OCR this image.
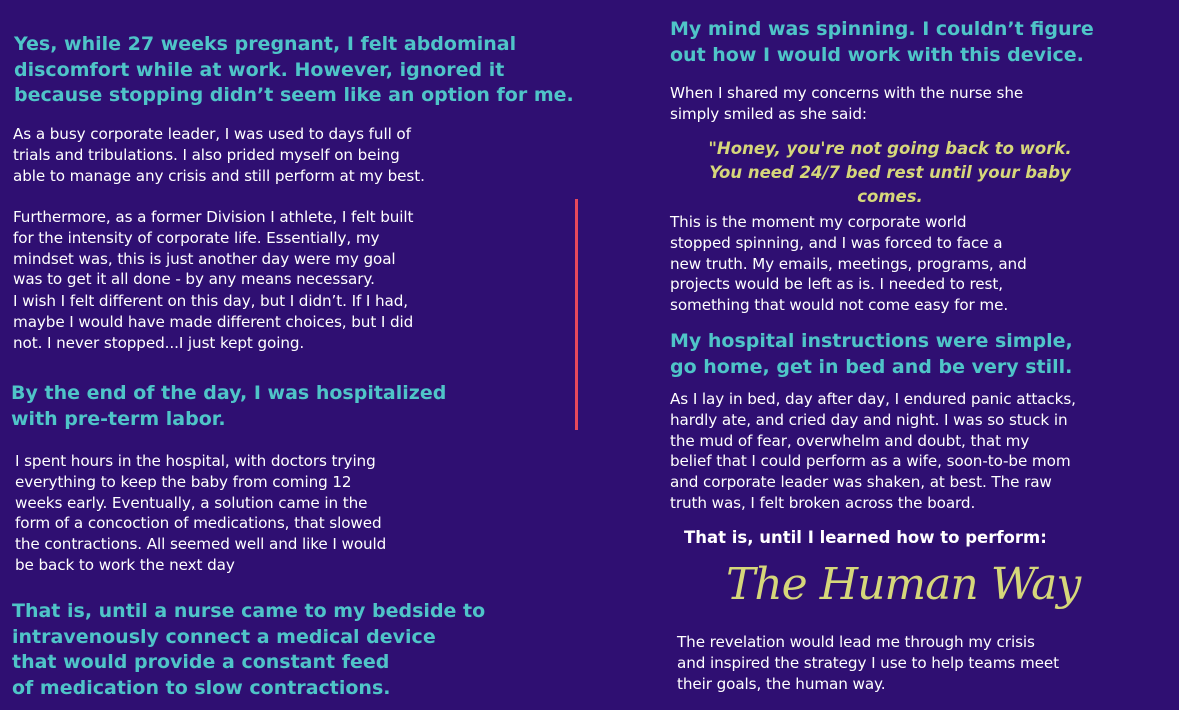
Yes, while 27 weeks pregnant, I felt abdominal
discomfort while at work. However, ignored it
because stopping didn’t seem like an option for me.

As a busy corporate leader, I was used to days full of
trials and tribulations. I also prided myself on being
able to manage any crisis and still perform at my best.

Furthermore, as a former Division I athlete, I felt built
for the intensity of corporate life. Essentially, my
mindset was, this is just another day were my goal
was to get it all done - by any means necessary.

I wish I felt different on this day, but I didn’t. If I had,
maybe I would have made different choices, but I did
not. I never stopped...I just kept going.

By the end of the day, I was hospitalized
with pre-term labor.

I spent hours in the hospital, with doctors trying
everything to keep the baby from coming 12
weeks early. Eventually, a solution came in the
form of a concoction of medications, that slowed
the contractions. All seemed well and like I would
be back to work the next day

That is, until a nurse came to my bedside to
intravenously connect a medical device
that would provide a constant feed
of medication to slow contractions.

My mind was spinning. I couldn’t figure
out how I would work with this device.

When I shared my concerns with the nurse she
simply smiled as she said:

"Honey, you're not going back to work.
You need 24/7 bed rest until your baby comes.

This is the moment my corporate world
stopped spinning, and I was forced to face a
new truth. My emails, meetings, programs, and
projects would be left as is. I needed to rest,
something that would not come easy for me.

My hospital instructions were simple,
go home, get in bed and be very still.

As I lay in bed, day after day, I endured panic attacks,
hardly ate, and cried day and night. I was so stuck in
the mud of fear, overwhelm and doubt, that my
belief that I could perform as a wife, soon-to-be mom
and corporate leader was shaken, at best. The raw
truth was, I felt broken across the board.

That is, until I learned how to perform:

The Human Way

The revelation would lead me through my crisis
and inspired the strategy I use to help teams meet
their goals, the human way.
